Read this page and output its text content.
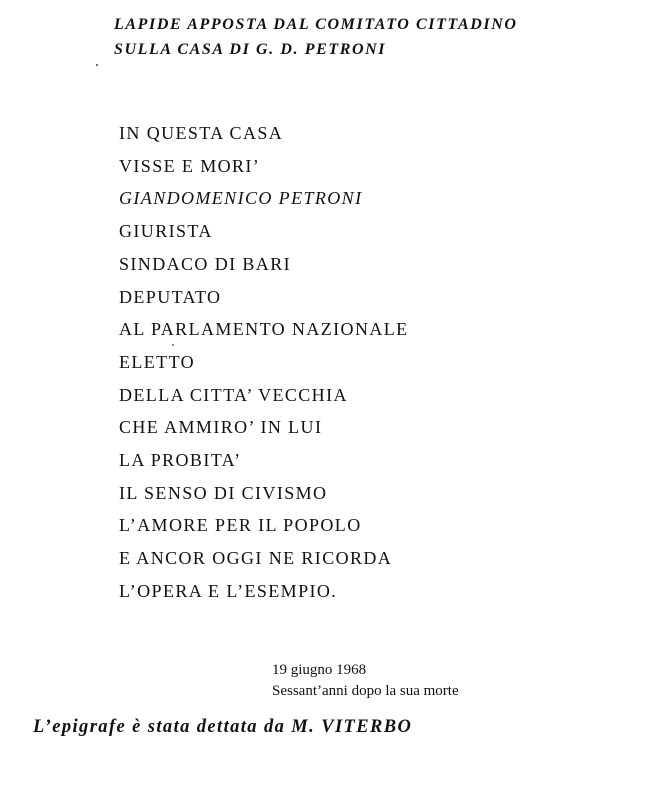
LAPIDE APPOSTA DAL COMITATO CITTADINO
SULLA CASA DI G. D. PETRONI
IN QUESTA CASA
VISSE E MORI’
GIANDOMENICO PETRONI
GIURISTA
SINDACO DI BARI
DEPUTATO
AL PARLAMENTO NAZIONALE
ELETTO
DELLA CITTA’ VECCHIA
CHE AMMIRO’ IN LUI
LA PROBITA’
IL SENSO DI CIVISMO
L’AMORE PER IL POPOLO
E ANCOR OGGI NE RICORDA
L’OPERA E L’ESEMPIO.
19 giugno 1968
Sessant’anni dopo la sua morte
L’epigrafe è stata dettata da M. VITERBO
